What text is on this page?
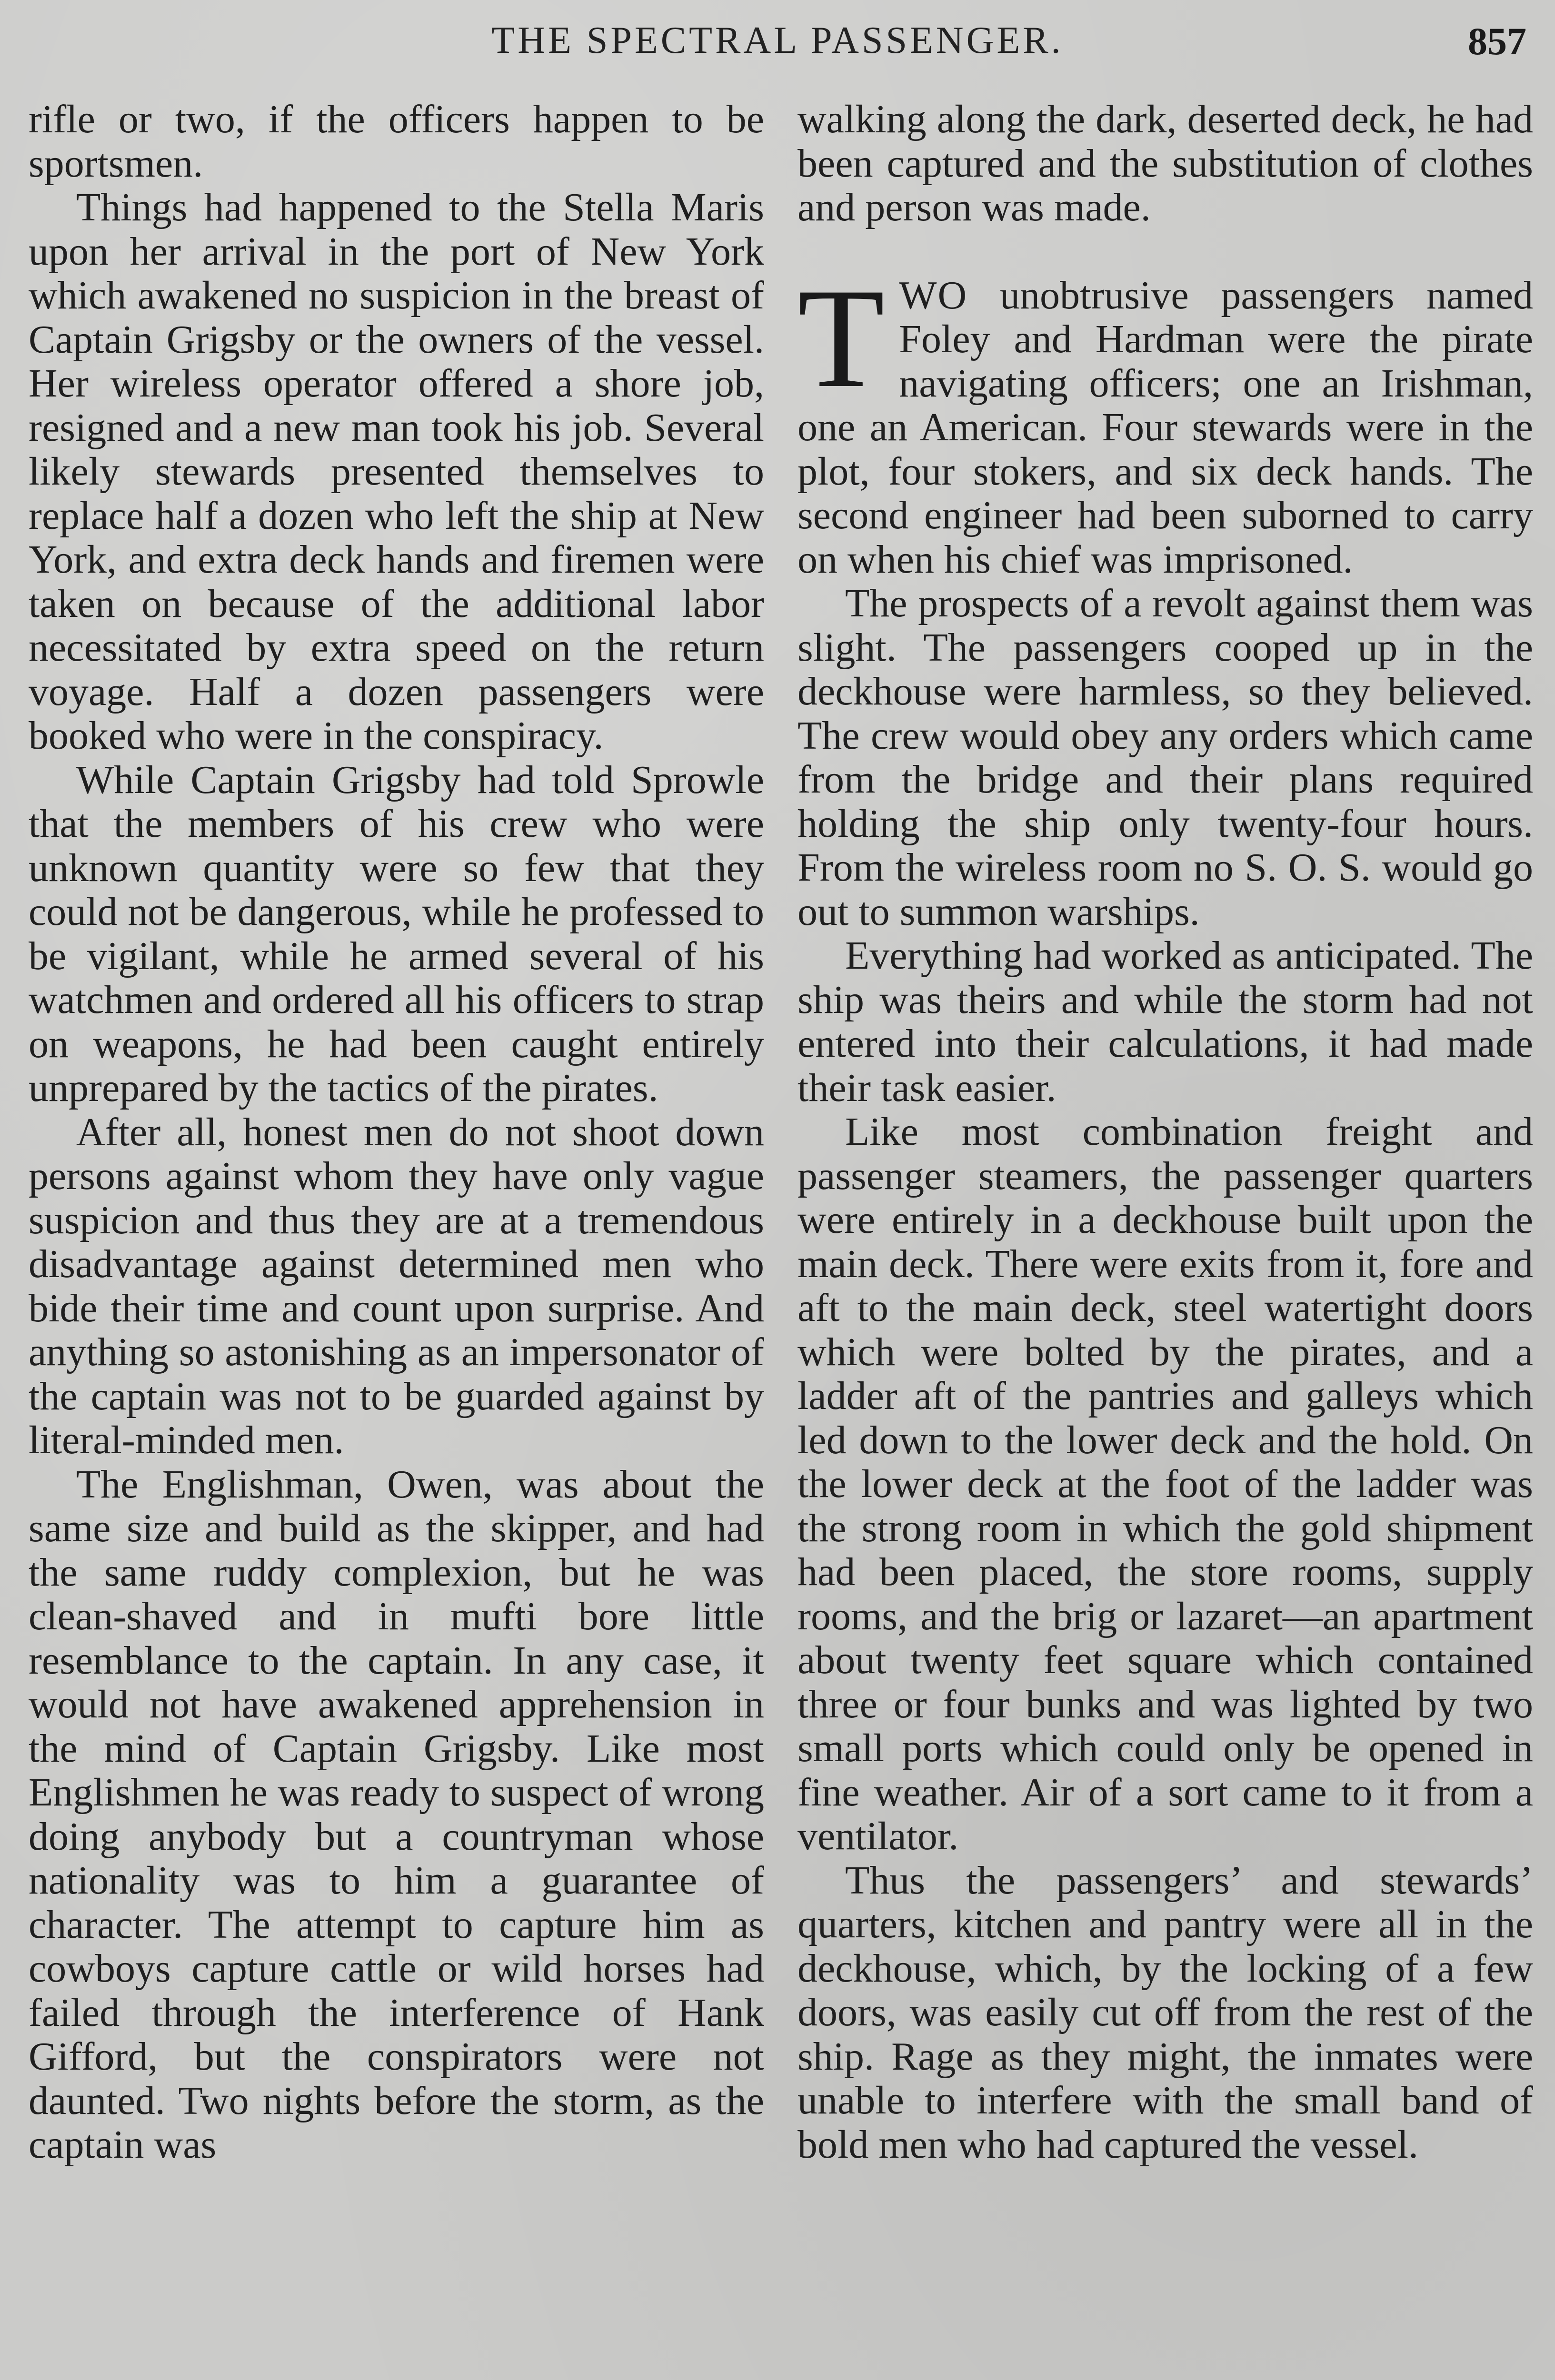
THE SPECTRAL PASSENGER.	857

rifle or two, if the officers happen to be sportsmen.

Things had happened to the Stella Maris upon her arrival in the port of New York which awakened no suspicion in the breast of Captain Grigsby or the owners of the vessel. Her wireless operator offered a shore job, resigned and a new man took his job. Several likely stewards presented themselves to replace half a dozen who left the ship at New York, and extra deck hands and firemen were taken on because of the additional labor necessitated by extra speed on the return voyage. Half a dozen passengers were booked who were in the conspiracy.

While Captain Grigsby had told Sprowle that the members of his crew who were unknown quantity were so few that they could not be dangerous, while he professed to be vigilant, while he armed several of his watchmen and ordered all his officers to strap on weapons, he had been caught entirely unprepared by the tactics of the pirates.

After all, honest men do not shoot down persons against whom they have only vague suspicion and thus they are at a tremendous disadvantage against determined men who bide their time and count upon surprise. And anything so astonishing as an impersonator of the captain was not to be guarded against by literal-minded men.

The Englishman, Owen, was about the same size and build as the skipper, and had the same ruddy complexion, but he was clean-shaved and in mufti bore little resemblance to the captain. In any case, it would not have awakened apprehension in the mind of Captain Grigsby. Like most Englishmen he was ready to suspect of wrong doing anybody but a countryman whose nationality was to him a guarantee of character. The attempt to capture him as cowboys capture cattle or wild horses had failed through the interference of Hank Gifford, but the conspirators were not daunted. Two nights before the storm, as the captain was

walking along the dark, deserted deck, he had been captured and the substitution of clothes and person was made.

TWO unobtrusive passengers named Foley and Hardman were the pirate navigating officers; one an Irishman, one an American. Four stewards were in the plot, four stokers, and six deck hands. The second engineer had been suborned to carry on when his chief was imprisoned.

The prospects of a revolt against them was slight. The passengers cooped up in the deckhouse were harmless, so they believed. The crew would obey any orders which came from the bridge and their plans required holding the ship only twenty-four hours. From the wireless room no S. O. S. would go out to summon warships.

Everything had worked as anticipated. The ship was theirs and while the storm had not entered into their calculations, it had made their task easier.

Like most combination freight and passenger steamers, the passenger quarters were entirely in a deckhouse built upon the main deck. There were exits from it, fore and aft to the main deck, steel watertight doors which were bolted by the pirates, and a ladder aft of the pantries and galleys which led down to the lower deck and the hold. On the lower deck at the foot of the ladder was the strong room in which the gold shipment had been placed, the store rooms, supply rooms, and the brig or lazaret—an apartment about twenty feet square which contained three or four bunks and was lighted by two small ports which could only be opened in fine weather. Air of a sort came to it from a ventilator.

Thus the passengers’ and stewards’ quarters, kitchen and pantry were all in the deckhouse, which, by the locking of a few doors, was easily cut off from the rest of the ship. Rage as they might, the inmates were unable to interfere with the small band of bold men who had captured the vessel.
